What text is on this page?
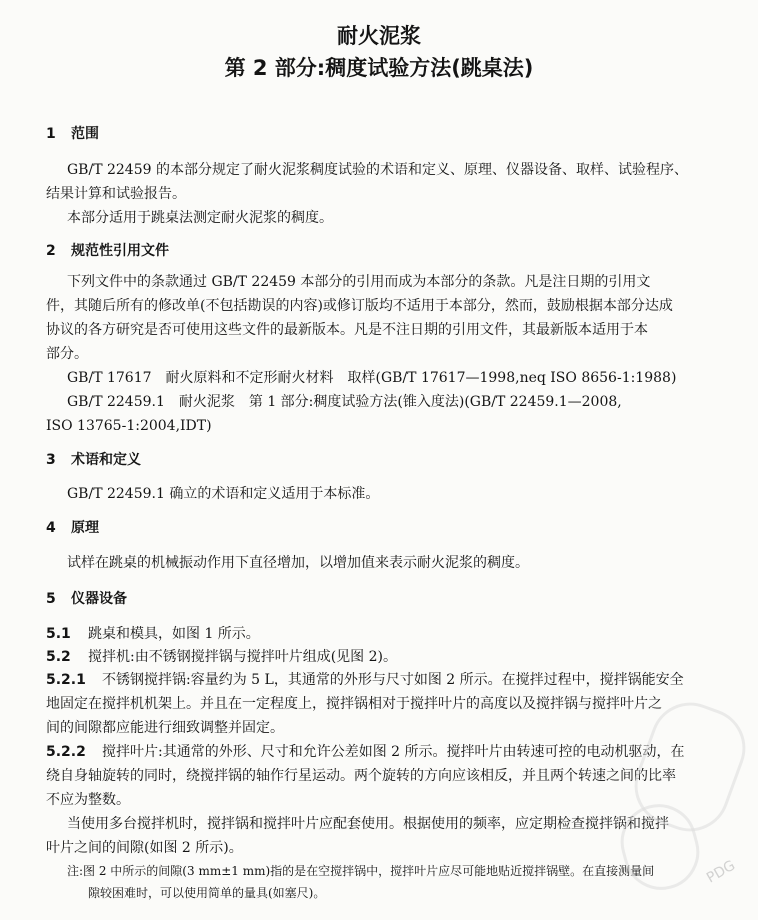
耐火泥浆
第 2 部分:稠度试验方法(跳桌法)
1 范围
GB/T 22459 的本部分规定了耐火泥浆稠度试验的术语和定义、原理、仪器设备、取样、试验程序、
结果计算和试验报告。
本部分适用于跳桌法测定耐火泥浆的稠度。
2 规范性引用文件
下列文件中的条款通过 GB/T 22459 本部分的引用而成为本部分的条款。凡是注日期的引用文
件，其随后所有的修改单(不包括勘误的内容)或修订版均不适用于本部分，然而，鼓励根据本部分达成
协议的各方研究是否可使用这些文件的最新版本。凡是不注日期的引用文件，其最新版本适用于本
部分。
GB/T 17617　耐火原料和不定形耐火材料　取样(GB/T 17617—1998,neq ISO 8656-1:1988)
GB/T 22459.1　耐火泥浆　第 1 部分:稠度试验方法(锥入度法)(GB/T 22459.1—2008,
ISO 13765-1:2004,IDT)
3 术语和定义
GB/T 22459.1 确立的术语和定义适用于本标准。
4 原理
试样在跳桌的机械振动作用下直径增加，以增加值来表示耐火泥浆的稠度。
5 仪器设备
5.1 跳桌和模具，如图 1 所示。
5.2 搅拌机:由不锈钢搅拌锅与搅拌叶片组成(见图 2)。
5.2.1 不锈钢搅拌锅:容量约为 5 L，其通常的外形与尺寸如图 2 所示。在搅拌过程中，搅拌锅能安全
地固定在搅拌机机架上。并且在一定程度上，搅拌锅相对于搅拌叶片的高度以及搅拌锅与搅拌叶片之
间的间隙都应能进行细致调整并固定。
5.2.2 搅拌叶片:其通常的外形、尺寸和允许公差如图 2 所示。搅拌叶片由转速可控的电动机驱动，在
绕自身轴旋转的同时，绕搅拌锅的轴作行星运动。两个旋转的方向应该相反，并且两个转速之间的比率
不应为整数。
当使用多台搅拌机时，搅拌锅和搅拌叶片应配套使用。根据使用的频率，应定期检查搅拌锅和搅拌
叶片之间的间隙(如图 2 所示)。
注:图 2 中所示的间隙(3 mm±1 mm)指的是在空搅拌锅中，搅拌叶片应尽可能地贴近搅拌锅壁。在直接测量间
隙较困难时，可以使用简单的量具(如塞尺)。
PDG
